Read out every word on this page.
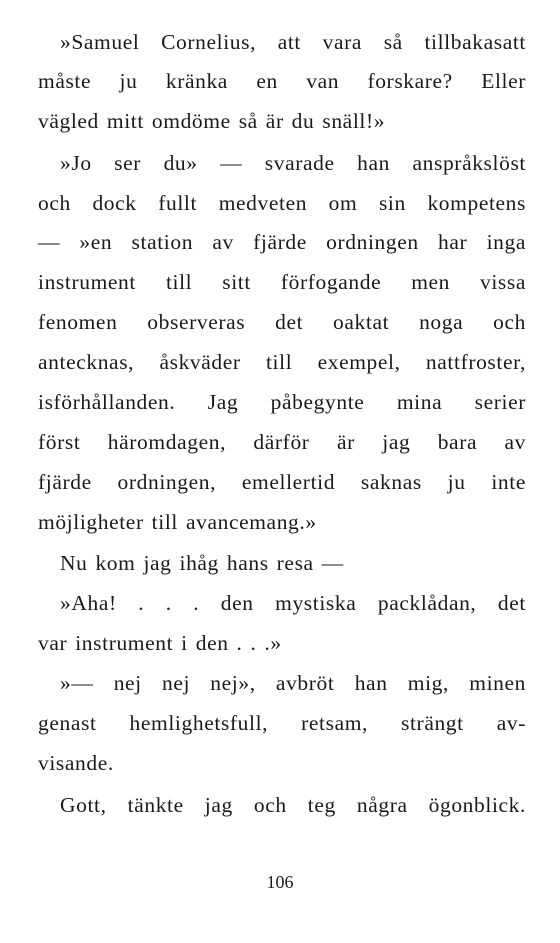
»Samuel Cornelius, att vara så tillbakasatt
måste ju kränka en van forskare? Eller
vägled mitt omdöme så är du snäll!»
»Jo ser du» — svarade han anspråkslöst
och dock fullt medveten om sin kompetens
— »en station av fjärde ordningen har inga
instrument till sitt förfogande men vissa
fenomen observeras det oaktat noga och
antecknas, åskväder till exempel, nattfroster,
isförhållanden. Jag påbegynte mina serier
först häromdagen, därför är jag bara av
fjärde ordningen, emellertid saknas ju inte
möjligheter till avancemang.»
Nu kom jag ihåg hans resa —
»Aha! . . . den mystiska packlådan, det
var instrument i den . . .»
»— nej nej nej», avbröt han mig, minen
genast hemlighetsfull, retsam, strängt av-
visande.
Gott, tänkte jag och teg några ögonblick.
106
